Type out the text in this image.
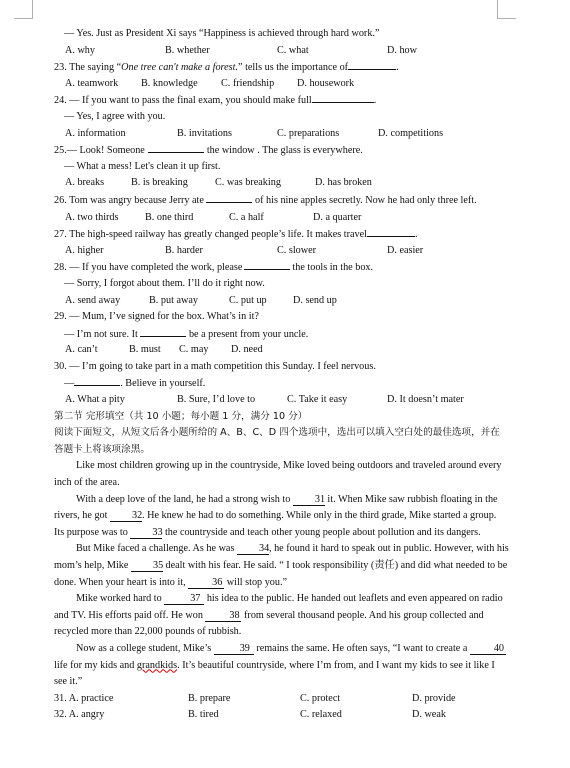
— Yes. Just as President Xi says “Happiness is achieved through hard work.”
A. why	B. whether	C. what	D. how
23. The saying “One tree can't make a forest.” tells us the importance of	.
A. teamwork	B. knowledge	C. friendship	D. housework
24. — If you want to pass the final exam, you should make full	.
— Yes, I agree with you.
A. information	B. invitations	C. preparations	D. competitions
25.— Look! Someone	the window . The glass is everywhere.
— What a mess! Let's clean it up first.
A. breaks	B. is breaking	C. was breaking	D. has broken
26. Tom was angry because Jerry ate	of his nine apples secretly. Now he had only three left.
A. two thirds	B. one third	C. a half	D. a quarter
27. The high-speed railway has greatly changed people’s life. It makes travel	.
A. higher	B. harder	C. slower	D. easier
28. — If you have completed the work, please	the tools in the box.
— Sorry, I forgot about them. I’ll do it right now.
A. send away	B. put away	C. put up	D. send up
29. — Mum, I’ve signed for the box. What’s in it?
— I’m not sure. It	be a present from your uncle.
A. can’t	B. must	C. may	D. need
30. — I’m going to take part in a math competition this Sunday. I feel nervous.
—	. Believe in yourself.
A. What a pity	B. Sure, I’d love to	C. Take it easy	D. It doesn’t mater
第二节 完形填空（共 10 小题；每小题 1 分，满分 10 分）
阅读下面短文，从短文后各小题所给的 A、B、C、D 四个选项中，选出可以填入空白处的最佳选项，并在答题卡上将该项涂黑。
Like most children growing up in the countryside, Mike loved being outdoors and traveled around every inch of the area.
With a deep love of the land, he had a strong wish to 31 it. When Mike saw rubbish floating in the rivers, he got 32. He knew he had to do something. While only in the third grade, Mike started a group. Its purpose was to 33 the countryside and teach other young people about pollution and its dangers.
But Mike faced a challenge. As he was 34, he found it hard to speak out in public. However, with his mom’s help, Mike 35 dealt with his fear. He said. “ I took responsibility (责任) and did what needed to be done. When your heart is into it,	36 will stop you.”
Mike worked hard to	37 his idea to the public. He handed out leaflets and even appeared on radio and TV. His efforts paid off. He won	38 from several thousand people. And his group collected and recycled more than 22,000 pounds of rubbish.
Now as a college student, Mike’s	39 remains the same. He often says, “I want to create a	40 life for my kids and grandkids. It’s beautiful countryside, where I’m from, and I want my kids to see it like I see it.”
31. A. practice	B. prepare	C. protect	D. provide
32. A. angry	B. tired	C. relaxed	D. weak
